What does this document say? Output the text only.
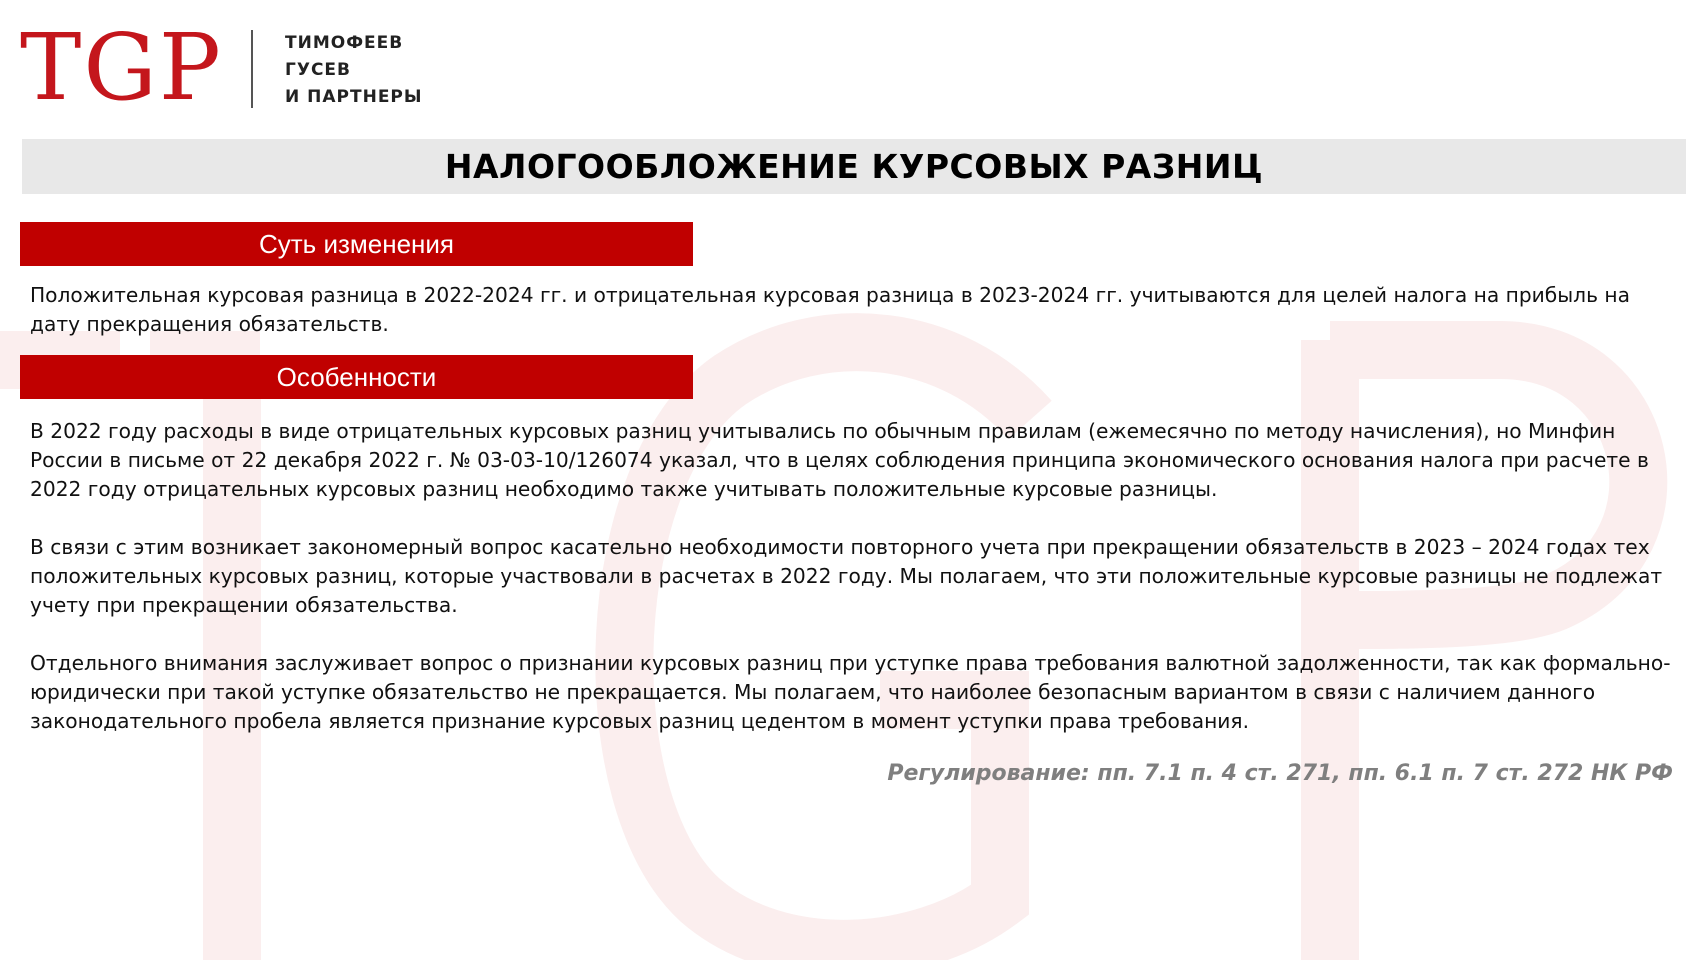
TGP	ТИМОФЕЕВ
ГУСЕВ
И ПАРТНЕРЫ
НАЛОГООБЛОЖЕНИЕ КУРСОВЫХ РАЗНИЦ
Суть изменения
Положительная курсовая разница в 2022-2024 гг. и отрицательная курсовая разница в 2023-2024 гг. учитываются для целей налога на прибыль на дату прекращения обязательств.
Особенности
В 2022 году расходы в виде отрицательных курсовых разниц учитывались по обычным правилам (ежемесячно по методу начисления), но Минфин России в письме от 22 декабря 2022 г. № 03-03-10/126074 указал, что в целях соблюдения принципа экономического основания налога при расчете в 2022 году отрицательных курсовых разниц необходимо также учитывать положительные курсовые разницы.
В связи с этим возникает закономерный вопрос касательно необходимости повторного учета при прекращении обязательств в 2023 – 2024 годах тех положительных курсовых разниц, которые участвовали в расчетах в 2022 году. Мы полагаем, что эти положительные курсовые разницы не подлежат учету при прекращении обязательства.
Отдельного внимания заслуживает вопрос о признании курсовых разниц при уступке права требования валютной задолженности, так как формально-юридически при такой уступке обязательство не прекращается. Мы полагаем, что наиболее безопасным вариантом в связи с наличием данного законодательного пробела является признание курсовых разниц цедентом в момент уступки права требования.
Регулирование: пп. 7.1 п. 4 ст. 271, пп. 6.1 п. 7 ст. 272 НК РФ
